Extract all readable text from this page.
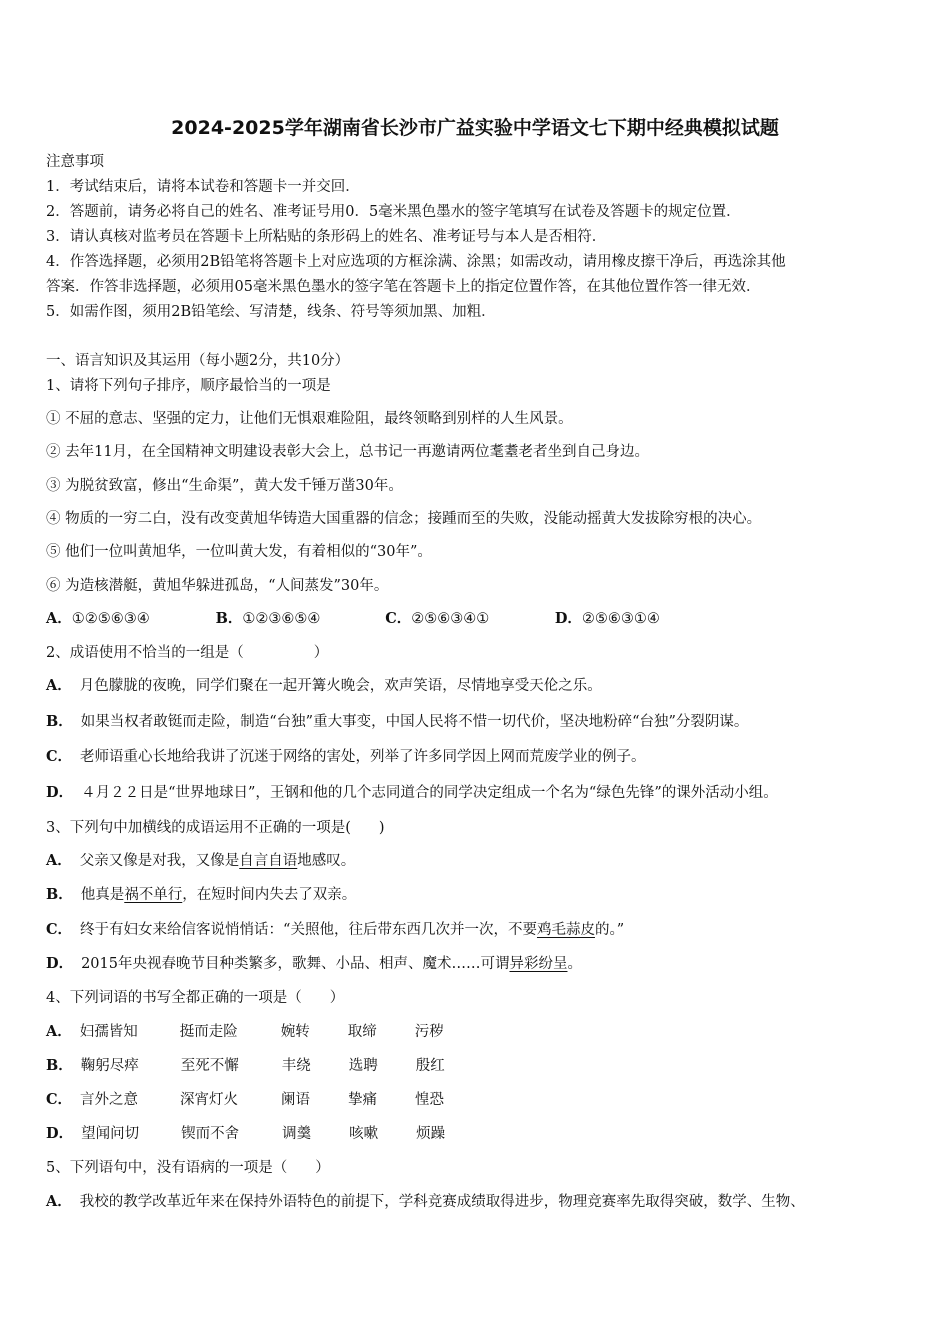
2024-2025学年湖南省长沙市广益实验中学语文七下期中经典模拟试题
注意事项
1．考试结束后，请将本试卷和答题卡一并交回．
2．答题前，请务必将自己的姓名、准考证号用0．5毫米黑色墨水的签字笔填写在试卷及答题卡的规定位置．
3．请认真核对监考员在答题卡上所粘贴的条形码上的姓名、准考证号与本人是否相符．
4．作答选择题，必须用2B铅笔将答题卡上对应选项的方框涂满、涂黑；如需改动，请用橡皮擦干净后，再选涂其他
答案．作答非选择题，必须用05毫米黑色墨水的签字笔在答题卡上的指定位置作答，在其他位置作答一律无效．
5．如需作图，须用2B铅笔绘、写清楚，线条、符号等须加黑、加粗．
一、语言知识及其运用（每小题2分，共10分）
1、请将下列句子排序，顺序最恰当的一项是
① 不屈的意志、坚强的定力，让他们无惧艰难险阻，最终领略到别样的人生风景。
② 去年11月，在全国精神文明建设表彰大会上，总书记一再邀请两位耄耋老者坐到自己身边。
③ 为脱贫致富，修出“生命渠”，黄大发千锤万凿30年。
④ 物质的一穷二白，没有改变黄旭华铸造大国重器的信念；接踵而至的失败，没能动摇黄大发拔除穷根的决心。
⑤ 他们一位叫黄旭华，一位叫黄大发，有着相似的“30年”。
⑥ 为造核潜艇，黄旭华躲进孤岛，“人间蒸发”30年。
A．①②⑤⑥③④	B．①②③⑥⑤④	C．②⑤⑥③④①	D．②⑤⑥③①④
2、成语使用不恰当的一组是（	）
A． 月色朦胧的夜晚，同学们聚在一起开篝火晚会，欢声笑语，尽情地享受天伦之乐。
B． 如果当权者敢铤而走险，制造“台独”重大事变，中国人民将不惜一切代价，坚决地粉碎“台独”分裂阴谋。
C． 老师语重心长地给我讲了沉迷于网络的害处，列举了许多同学因上网而荒废学业的例子。
D． ４月２２日是“世界地球日”，王钢和他的几个志同道合的同学决定组成一个名为“绿色先锋”的课外活动小组。
3、下列句中加横线的成语运用不正确的一项是( )
A． 父亲又像是对我，又像是自言自语地感叹。
B． 他真是祸不单行，在短时间内失去了双亲。
C． 终于有妇女来给信客说悄悄话：“关照他，往后带东西几次并一次，不要鸡毛蒜皮的。”
D． 2015年央视春晚节目种类繁多，歌舞、小品、相声、魔术……可谓异彩纷呈。
4、下列词语的书写全都正确的一项是（ ）
A． 妇孺皆知	挺而走险	婉转	取缔	污秽
B． 鞠躬尽瘁	至死不懈	丰绕	选聘	殷红
C． 言外之意	深宵灯火	阑语	挚痛	惶恐
D． 望闻问切	锲而不舍	调羹	咳嗽	烦躁
5、下列语句中，没有语病的一项是（ ）
A． 我校的教学改革近年来在保持外语特色的前提下，学科竞赛成绩取得进步，物理竞赛率先取得突破，数学、生物、
